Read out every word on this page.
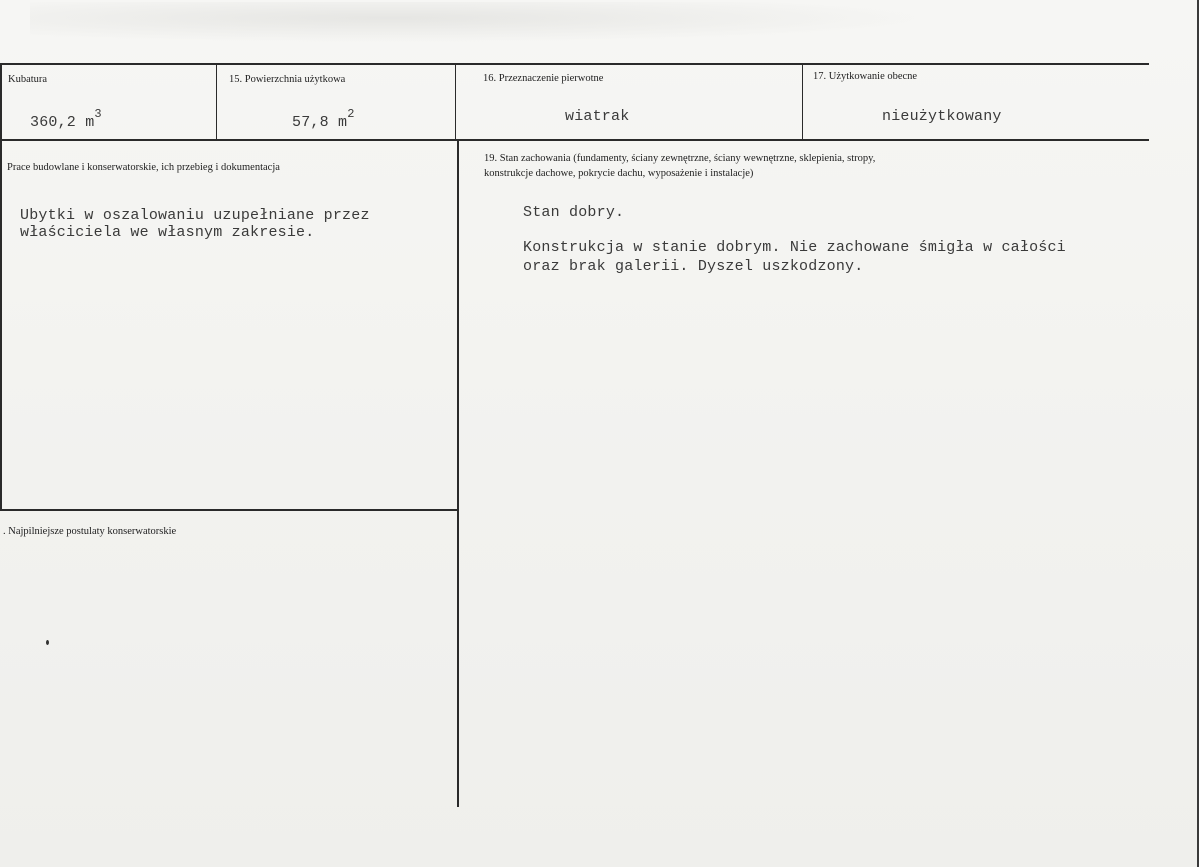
Kubatura
360,2 $m^3$
15. Powierzchnia użytkowa
57,8 $m^2$
16. Przeznaczenie pierwotne
wiatrak
17. Użytkowanie obecne
nieużytkowany
Prace budowlane i konserwatorskie, ich przebieg i dokumentacja
Ubytki w oszalowaniu uzupełniane przez
właściciela we własnym zakresie.
19. Stan zachowania (fundamenty, ściany zewnętrzne, ściany wewnętrzne, sklepienia, stropy,
konstrukcje dachowe, pokrycie dachu, wyposażenie i instalacje)
Stan dobry.
Konstrukcja w stanie dobrym. Nie zachowane śmigła w całości
oraz brak galerii. Dyszel uszkodzony.
. Najpilniejsze postulaty konserwatorskie
